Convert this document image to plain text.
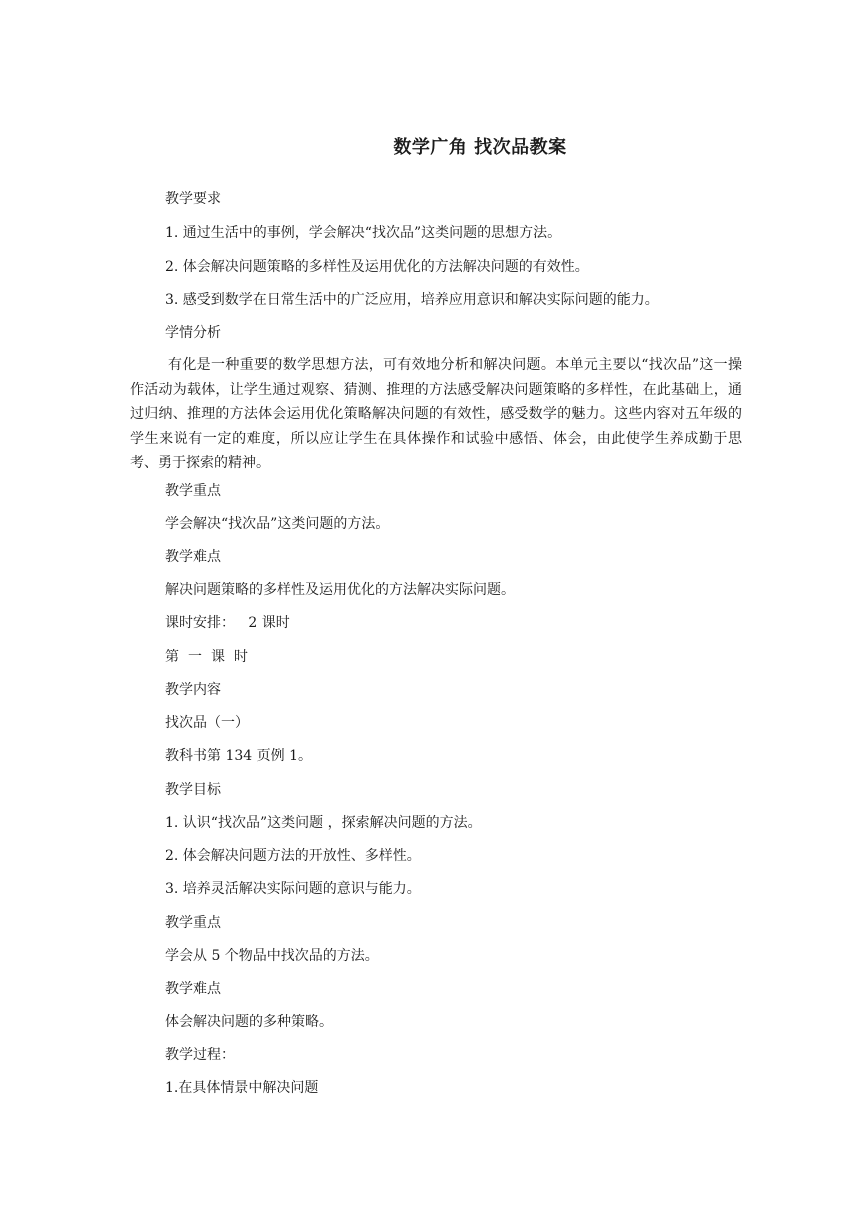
数学广角 找次品教案
教学要求
1. 通过生活中的事例，学会解决“找次品”这类问题的思想方法。
2. 体会解决问题策略的多样性及运用优化的方法解决问题的有效性。
3. 感受到数学在日常生活中的广泛应用，培养应用意识和解决实际问题的能力。
学情分析
有化是一种重要的数学思想方法，可有效地分析和解决问题。本单元主要以“找次品”这一操作活动为载体，让学生通过观察、猜测、推理的方法感受解决问题策略的多样性，在此基础上，通过归纳、推理的方法体会运用优化策略解决问题的有效性，感受数学的魅力。这些内容对五年级的学生来说有一定的难度，所以应让学生在具体操作和试验中感悟、体会，由此使学生养成勤于思考、勇于探索的精神。
教学重点
学会解决“找次品”这类问题的方法。
教学难点
解决问题策略的多样性及运用优化的方法解决实际问题。
课时安排：   2 课时
第一课时
教学内容
找次品（一）
教科书第 134 页例 1。
教学目标
1. 认识“找次品”这类问题 ，探索解决问题的方法。
2. 体会解决问题方法的开放性、多样性。
3. 培养灵活解决实际问题的意识与能力。
教学重点
学会从 5 个物品中找次品的方法。
教学难点
体会解决问题的多种策略。
教学过程：
1.在具体情景中解决问题
